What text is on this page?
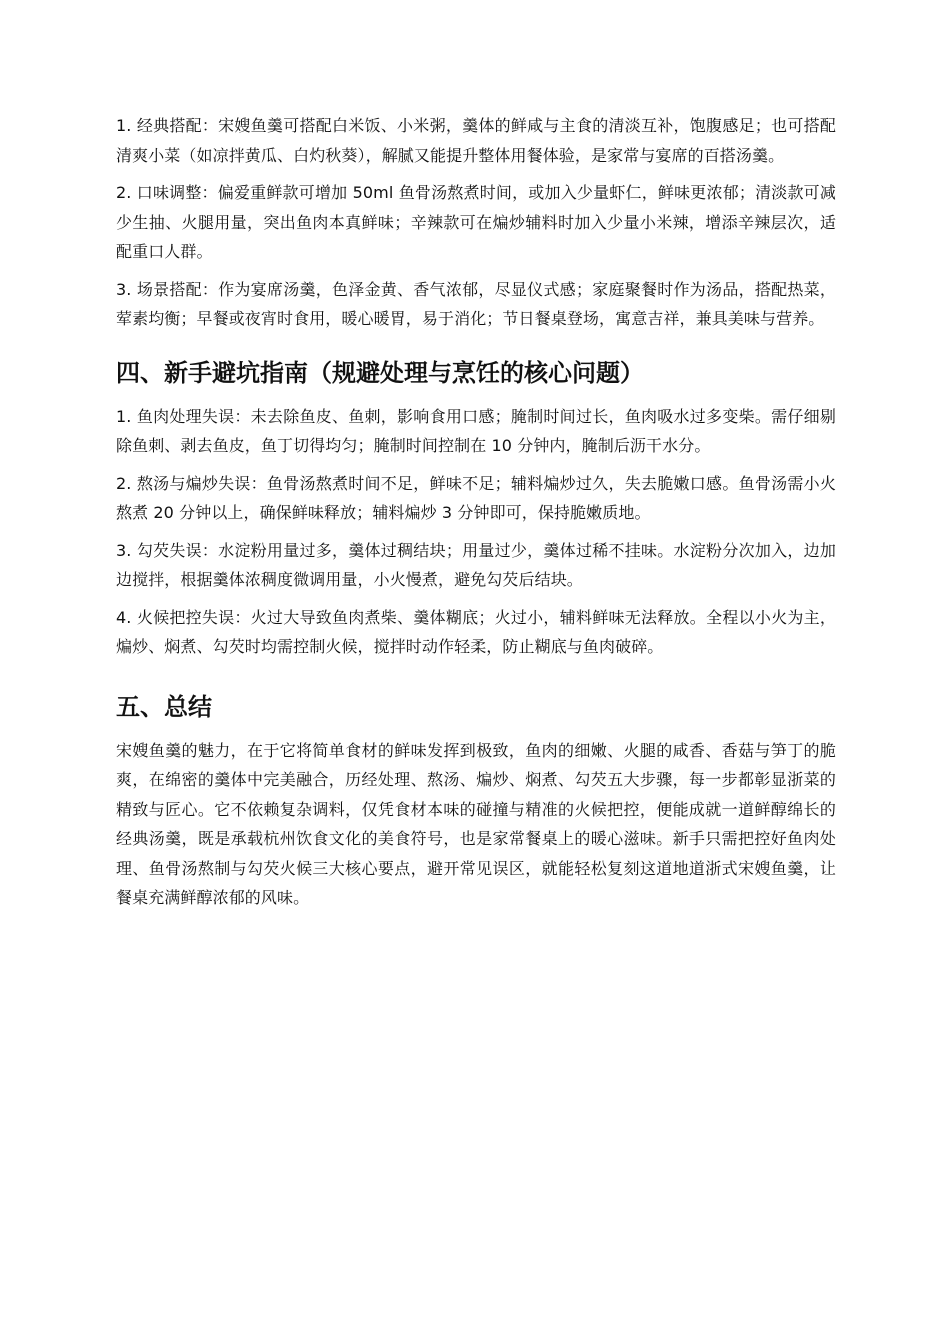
1. 经典搭配：宋嫂鱼羹可搭配白米饭、小米粥，羹体的鲜咸与主食的清淡互补，饱腹感足；也可搭配清爽小菜（如凉拌黄瓜、白灼秋葵），解腻又能提升整体用餐体验，是家常与宴席的百搭汤羹。

2. 口味调整：偏爱重鲜款可增加 50ml 鱼骨汤熬煮时间，或加入少量虾仁，鲜味更浓郁；清淡款可减少生抽、火腿用量，突出鱼肉本真鲜味；辛辣款可在煸炒辅料时加入少量小米辣，增添辛辣层次，适配重口人群。

3. 场景搭配：作为宴席汤羹，色泽金黄、香气浓郁，尽显仪式感；家庭聚餐时作为汤品，搭配热菜，荤素均衡；早餐或夜宵时食用，暖心暖胃，易于消化；节日餐桌登场，寓意吉祥，兼具美味与营养。

四、新手避坑指南（规避处理与烹饪的核心问题）

1. 鱼肉处理失误：未去除鱼皮、鱼刺，影响食用口感；腌制时间过长，鱼肉吸水过多变柴。需仔细剔除鱼刺、剥去鱼皮，鱼丁切得均匀；腌制时间控制在 10 分钟内，腌制后沥干水分。

2. 熬汤与煸炒失误：鱼骨汤熬煮时间不足，鲜味不足；辅料煸炒过久，失去脆嫩口感。鱼骨汤需小火熬煮 20 分钟以上，确保鲜味释放；辅料煸炒 3 分钟即可，保持脆嫩质地。

3. 勾芡失误：水淀粉用量过多，羹体过稠结块；用量过少，羹体过稀不挂味。水淀粉分次加入，边加边搅拌，根据羹体浓稠度微调用量，小火慢煮，避免勾芡后结块。

4. 火候把控失误：火过大导致鱼肉煮柴、羹体糊底；火过小，辅料鲜味无法释放。全程以小火为主，煸炒、焖煮、勾芡时均需控制火候，搅拌时动作轻柔，防止糊底与鱼肉破碎。

五、总结

宋嫂鱼羹的魅力，在于它将简单食材的鲜味发挥到极致，鱼肉的细嫩、火腿的咸香、香菇与笋丁的脆爽，在绵密的羹体中完美融合，历经处理、熬汤、煸炒、焖煮、勾芡五大步骤，每一步都彰显浙菜的精致与匠心。它不依赖复杂调料，仅凭食材本味的碰撞与精准的火候把控，便能成就一道鲜醇绵长的经典汤羹，既是承载杭州饮食文化的美食符号，也是家常餐桌上的暖心滋味。新手只需把控好鱼肉处理、鱼骨汤熬制与勾芡火候三大核心要点，避开常见误区，就能轻松复刻这道地道浙式宋嫂鱼羹，让餐桌充满鲜醇浓郁的风味。
